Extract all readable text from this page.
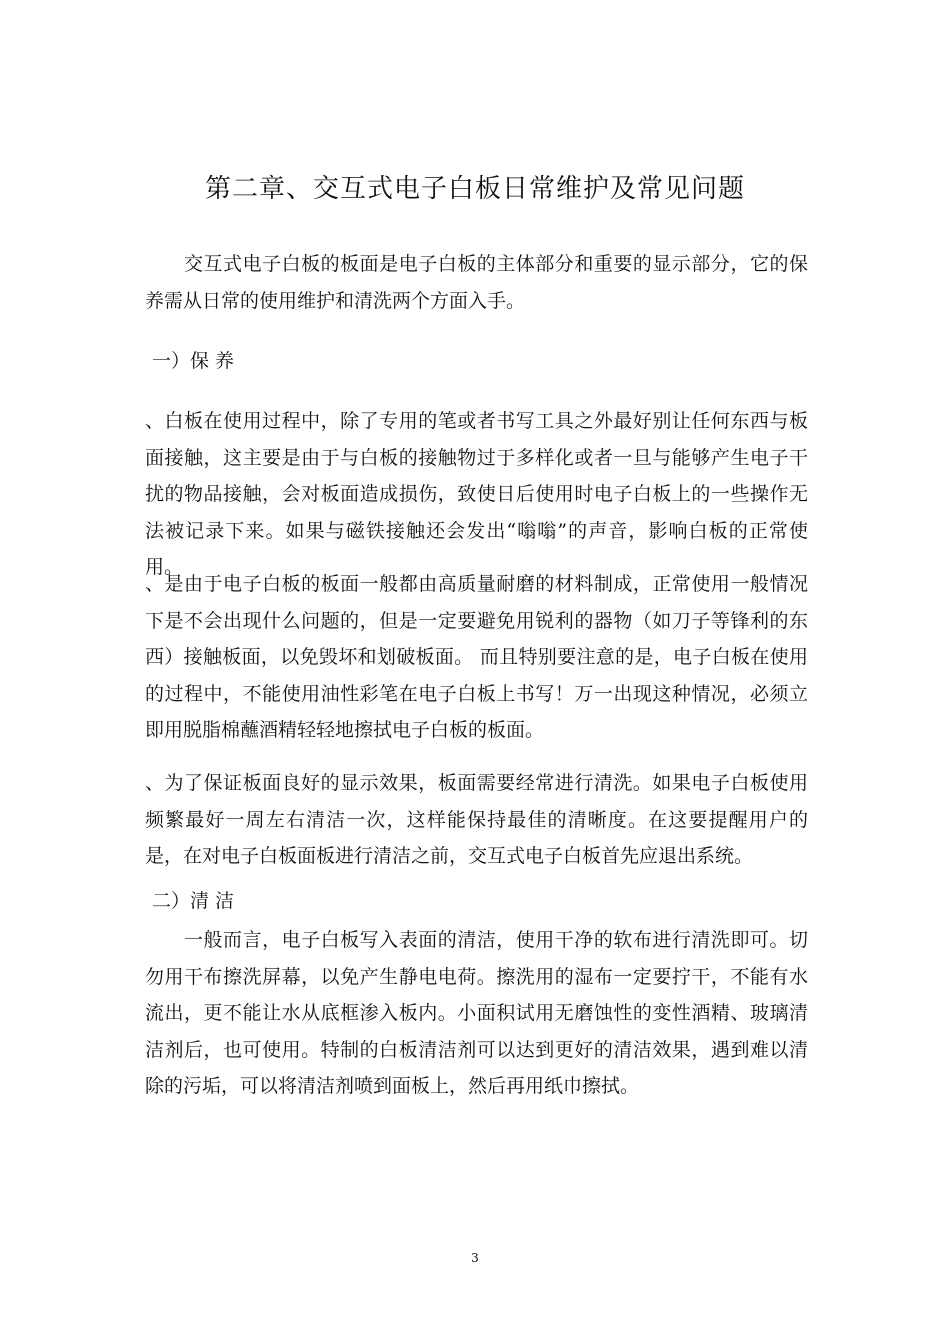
第二章、交互式电子白板日常维护及常见问题
　　交互式电子白板的板面是电子白板的主体部分和重要的显示部分，它的保养需从日常的使用维护和清洗两个方面入手。
一）保 养
、白板在使用过程中，除了专用的笔或者书写工具之外最好别让任何东西与板面接触，这主要是由于与白板的接触物过于多样化或者一旦与能够产生电子干扰的物品接触，会对板面造成损伤，致使日后使用时电子白板上的一些操作无法被记录下来。如果与磁铁接触还会发出“嗡嗡”的声音，影响白板的正常使用。
、是由于电子白板的板面一般都由高质量耐磨的材料制成，正常使用一般情况下是不会出现什么问题的，但是一定要避免用锐利的器物（如刀子等锋利的东西）接触板面，以免毁坏和划破板面。 而且特别要注意的是，电子白板在使用的过程中，不能使用油性彩笔在电子白板上书写！万一出现这种情况，必须立即用脱脂棉蘸酒精轻轻地擦拭电子白板的板面。
、为了保证板面良好的显示效果，板面需要经常进行清洗。如果电子白板使用频繁最好一周左右清洁一次，这样能保持最佳的清晰度。在这要提醒用户的是，在对电子白板面板进行清洁之前，交互式电子白板首先应退出系统。
二）清 洁
　　一般而言，电子白板写入表面的清洁，使用干净的软布进行清洗即可。切勿用干布擦洗屏幕，以免产生静电电荷。擦洗用的湿布一定要拧干，不能有水流出，更不能让水从底框渗入板内。小面积试用无磨蚀性的变性酒精、玻璃清洁剂后，也可使用。特制的白板清洁剂可以达到更好的清洁效果，遇到难以清除的污垢，可以将清洁剂喷到面板上，然后再用纸巾擦拭。
3
